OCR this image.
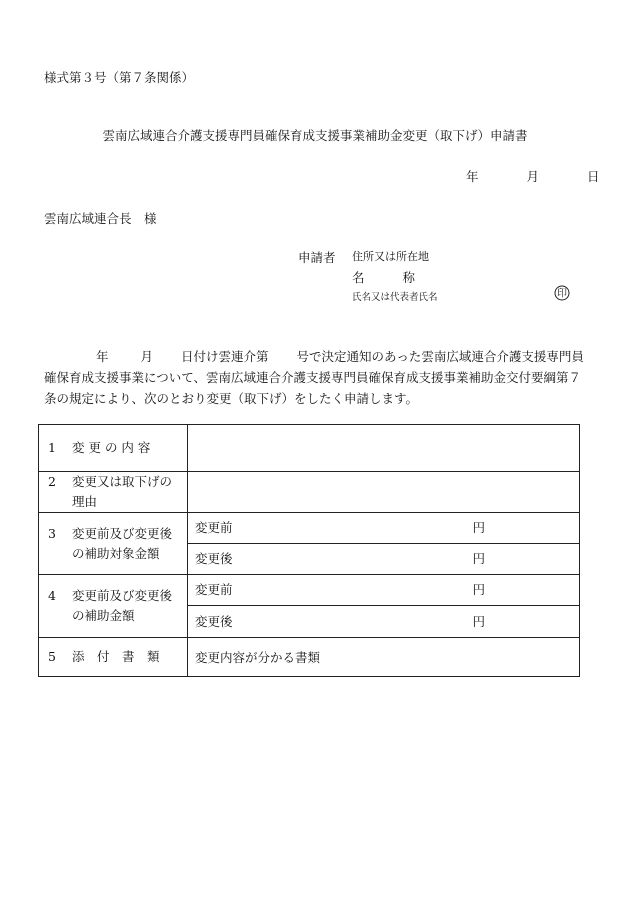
様式第３号（第７条関係）
雲南広域連合介護支援専門員確保育成支援事業補助金変更（取下げ）申請書
年	月	日
雲南広域連合長　様
申請者 住所又は所在地
名	称
氏名又は代表者氏名	印
年	月 日付け雲連介第 号で決定通知のあった雲南広域連合介護支援専門員確保育成支援事業について、雲南広域連合介護支援専門員確保育成支援事業補助金交付要綱第７条の規定により、次のとおり変更（取下げ）をしたく申請します。
1 変 更 の 内 容	

2 変更又は取下げの理由	

3 変更前及び変更後の補助対象金額	変更前 円

	変更後 円

4 変更前及び変更後の補助金額	変更前 円

	変更後 円

5 添　付　書　類	変更内容が分かる書類
